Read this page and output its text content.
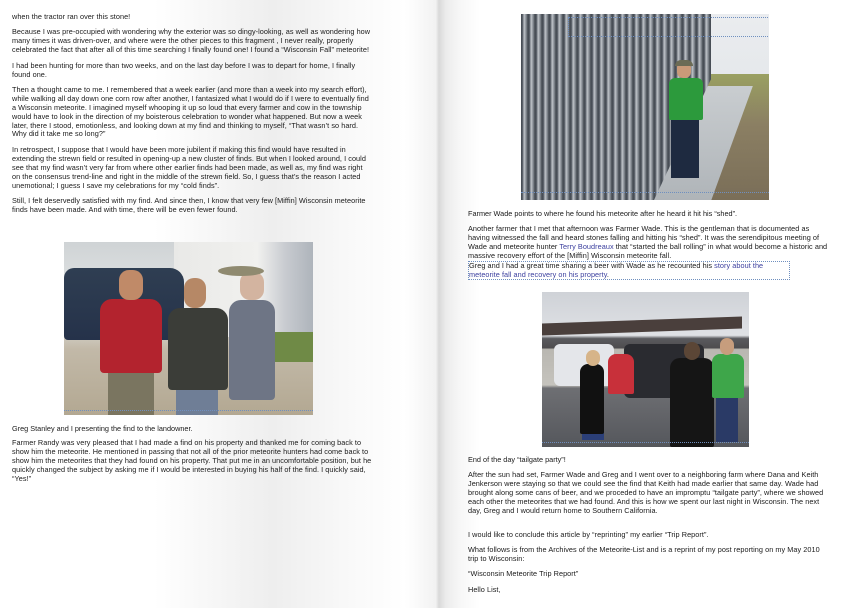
when the tractor ran over this stone!

Because I was pre-occupied with wondering why the exterior was so dingy-looking, as well as wondering how many times it was driven-over, and where were the other pieces to this fragment , I never really, properly celebrated the fact that after all of this time searching I finally found one! I found a “Wisconsin Fall” meteorite!

I had been hunting for more than two weeks, and on the last day before I was to depart for home, I finally found one.

Then a thought came to me. I remembered that a week earlier (and more than a week into my search effort), while walking all day down one corn row after another, I fantasized what I would do if I were to eventually find a Wisconsin meteorite. I imagined myself whooping it up so loud that every farmer and cow in the township would have to look in the direction of my boisterous celebration to wonder what happened. But now a week later, there I stood, emotionless, and looking down at my find and thinking to myself, “That wasn’t so hard. Why did it take me so long?”

In retrospect, I suppose that I would have been more jubilent if making this find would have resulted in extending the strewn field or resulted in opening-up a new cluster of finds. But when I looked around, I could see that my find wasn’t very far from where other earlier finds had been made, as well as, my find was right on the consensus trend-line and right in the middle of the strewn field. So, I guess that’s the reason I acted unemotional; I guess I save my celebrations for my “cold finds”.

Still, I felt deservedly satisfied with my find. And since then, I know that very few [Miffin] Wisconsin meteorite finds have been made. And with time, there will be even fewer found.

Greg Stanley and I presenting the find to the landowner.

Farmer Randy was very pleased that I had made a find on his property and thanked me for coming back to show him the meteorite. He mentioned in passing that not all of the prior meteorite hunters had come back to show him the meteorites that they had found on his property. That put me in an uncomfortable position, but he quickly changed the subject by asking me if I would be interested in buying his half of the find. I quickly said, “Yes!”

Farmer Wade points to where he found his meteorite after he heard it hit his “shed”.

Another farmer that I met that afternoon was Farmer Wade. This is the gentleman that is documented as having witnessed the fall and heard stones falling and hitting his “shed”. It was the serendipitous meeting of Wade and meteorite hunter Terry Boudreaux that “started the ball rolling” in what would become a historic and massive recovery effort of the [Miffin] Wisconsin meteorite fall.

Greg and I had a great time sharing a beer with Wade as he recounted his story about the meteorite fall and recovery on his property.

End of the day “tailgate party”!

After the sun had set, Farmer Wade and Greg and I went over to a neighboring farm where Dana and Keith Jenkerson were staying so that we could see the find that Keith had made earlier that same day. Wade had brought along some cans of beer, and we proceded to have an impromptu “tailgate party”, where we showed each other the meteorites that we had found. And this is how we spent our last night in Wisconsin. The next day, Greg and I would return home to Southern California.

I would like to conclude this article by “reprinting” my earlier “Trip Report”.

What follows is from the Archives of the Meteorite-List and is a reprint of my post reporting on my May 2010 trip to Wisconsin:

“Wisconsin Meteorite Trip Report”

Hello List,
